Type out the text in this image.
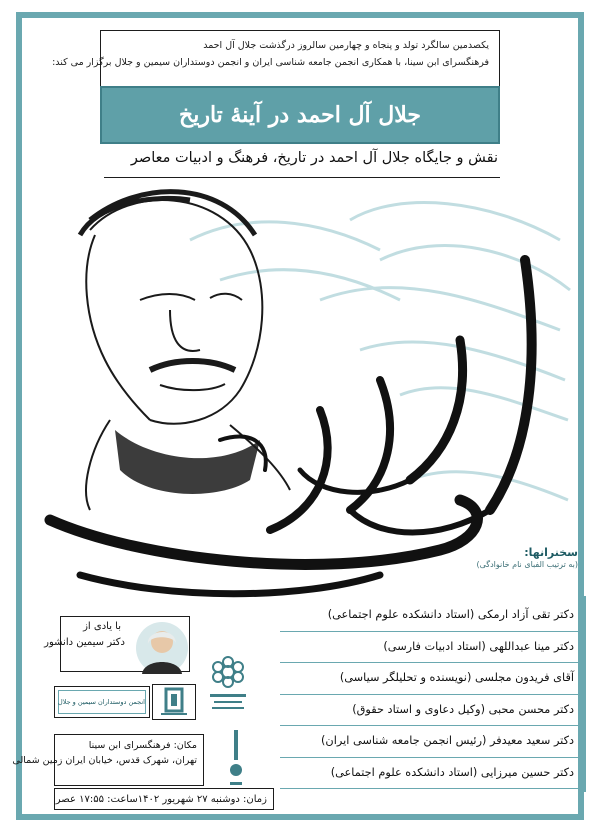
یکصدمین سالگرد تولد و پنجاه و چهارمین سالروز درگذشت جلال آل احمد
فرهنگسرای ابن سینا، با همکاری انجمن جامعه شناسی ایران و انجمن دوستداران سیمین و جلال برگزار می کند:
جلال آل احمد در آینهٔ تاریخ
نقش و جایگاه جلال آل احمد در تاریخ، فرهنگ و ادبیات معاصر
سخنرانها:
(به ترتیب الفبای نام خانوادگی)
دکتر تقی آزاد ارمکی (استاد دانشکده علوم اجتماعی)
دکتر مینا عبداللهی (استاد ادبیات فارسی)
آقای فریدون مجلسی (نویسنده و تحلیلگر سیاسی)
دکتر محسن محبی (وکیل دعاوی و استاد حقوق)
دکتر سعید معیدفر (رئیس انجمن جامعه شناسی ایران)
دکتر حسین میرزایی (استاد دانشکده علوم اجتماعی)
با یادی از
دکتر سیمین دانشور
انجمن دوستداران سیمین و جلال
مکان: فرهنگسرای ابن سینا
تهران، شهرک قدس، خیابان ایران زمین شمالی
زمان: دوشنبه ۲۷ شهریور ۱۴۰۲
ساعت: ۱۷:۵۵ عصر
